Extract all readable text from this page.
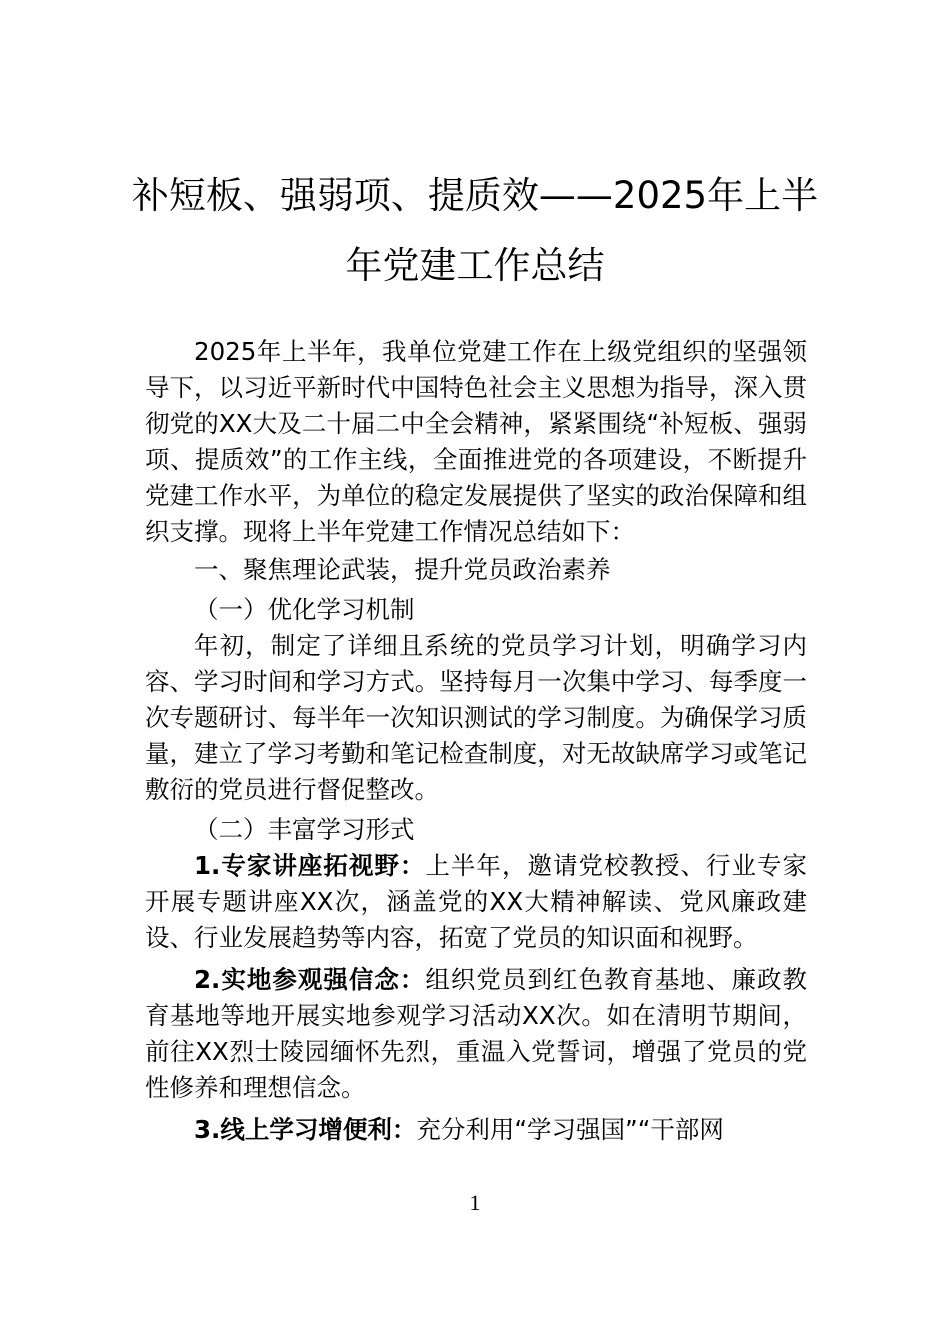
补短板、强弱项、提质效——2025年上半
年党建工作总结

2025年上半年，我单位党建工作在上级党组织的坚强领导下，以习近平新时代中国特色社会主义思想为指导，深入贯彻党的XX大及二十届二中全会精神，紧紧围绕“补短板、强弱项、提质效”的工作主线，全面推进党的各项建设，不断提升党建工作水平，为单位的稳定发展提供了坚实的政治保障和组织支撑。现将上半年党建工作情况总结如下：

一、聚焦理论武装，提升党员政治素养

（一）优化学习机制

年初，制定了详细且系统的党员学习计划，明确学习内容、学习时间和学习方式。坚持每月一次集中学习、每季度一次专题研讨、每半年一次知识测试的学习制度。为确保学习质量，建立了学习考勤和笔记检查制度，对无故缺席学习或笔记敷衍的党员进行督促整改。

（二）丰富学习形式

1.专家讲座拓视野：上半年，邀请党校教授、行业专家开展专题讲座XX次，涵盖党的XX大精神解读、党风廉政建设、行业发展趋势等内容，拓宽了党员的知识面和视野。

2.实地参观强信念：组织党员到红色教育基地、廉政教育基地等地开展实地参观学习活动XX次。如在清明节期间，前往XX烈士陵园缅怀先烈，重温入党誓词，增强了党员的党性修养和理想信念。

3.线上学习增便利：充分利用“学习强国”“干部网

1
